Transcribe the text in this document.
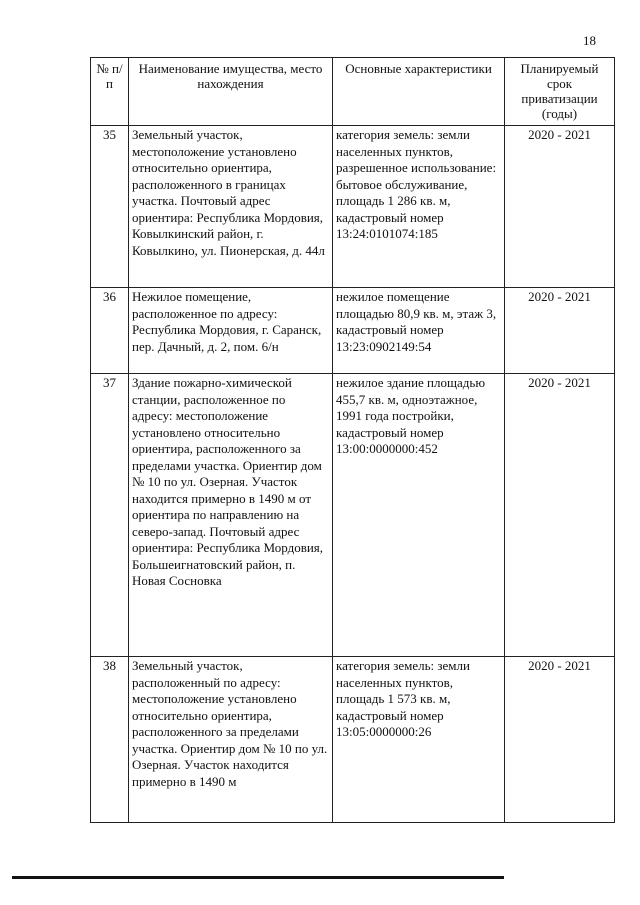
18
№ п/п	Наименование имущества, место нахождения	Основные характеристики	Планируемый срок приватизации (годы)
35	Земельный участок, местоположение установлено относительно ориентира, расположенного в границах участка. Почтовый адрес ориентира: Республика Мордовия, Ковылкинский район, г. Ковылкино, ул. Пионерская, д. 44л	категория земель: земли населенных пунктов, разрешенное использование: бытовое обслуживание, площадь 1 286 кв. м, кадастровый номер 13:24:0101074:185	2020 - 2021
36	Нежилое помещение, расположенное по адресу: Республика Мордовия, г. Саранск, пер. Дачный, д. 2, пом. 6/н	нежилое помещение площадью 80,9 кв. м, этаж 3, кадастровый номер 13:23:0902149:54	2020 - 2021
37	Здание пожарно-химической станции, расположенное по адресу: местоположение установлено относительно ориентира, расположенного за пределами участка. Ориентир дом № 10 по ул. Озерная. Участок находится примерно в 1490 м от ориентира по направлению на северо-запад. Почтовый адрес ориентира: Республика Мордовия, Большеигнатовский район, п. Новая Сосновка	нежилое здание площадью 455,7 кв. м, одноэтажное, 1991 года постройки, кадастровый номер 13:00:0000000:452	2020 - 2021
38	Земельный участок, расположенный по адресу: местоположение установлено относительно ориентира, расположенного за пределами участка. Ориентир дом № 10 по ул. Озерная. Участок находится примерно в 1490 м	категория земель: земли населенных пунктов, площадь 1 573 кв. м, кадастровый номер 13:05:0000000:26	2020 - 2021
